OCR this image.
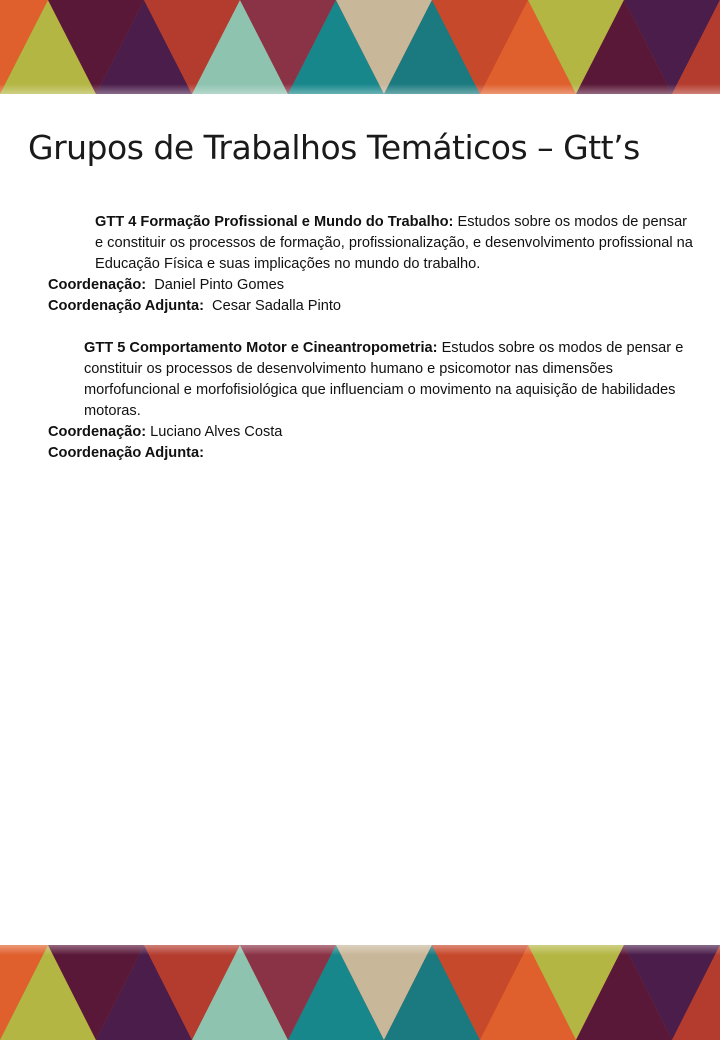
Grupos de Trabalhos Temáticos – Gtt’s

GTT 4 Formação Profissional e Mundo do Trabalho: Estudos sobre os modos de pensar e constituir os processos de formação, profissionalização, e desenvolvimento profissional na Educação Física e suas implicações no mundo do trabalho.

Coordenação:  Daniel Pinto Gomes

Coordenação Adjunta:  Cesar Sadalla Pinto

GTT 5 Comportamento Motor e Cineantropometria: Estudos sobre os modos de pensar e constituir os processos de desenvolvimento humano e psicomotor nas dimensões morfofuncional e morfofisiológica que influenciam o movimento na aquisição de habilidades motoras.

Coordenação: Luciano Alves Costa

Coordenação Adjunta:
